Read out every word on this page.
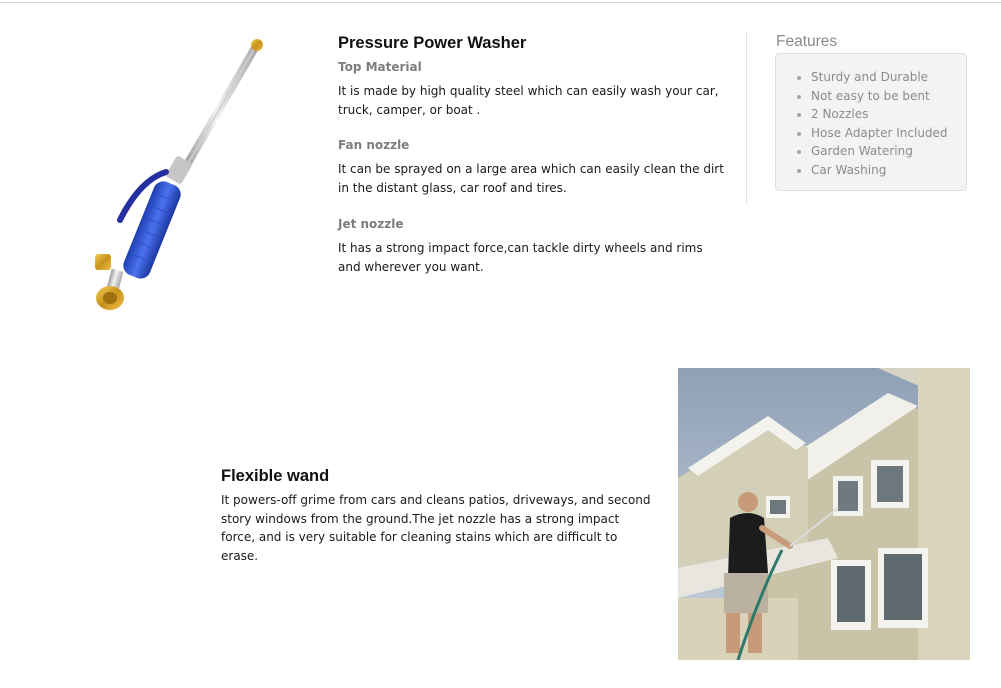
Pressure Power Washer
Top Material
It is made by high quality steel which can easily wash your car, truck, camper, or boat .
Fan nozzle
It can be sprayed on a large area which can easily clean the dirt in the distant glass, car roof and tires.
Jet nozzle
It has a strong impact force,can tackle dirty wheels and rims and wherever you want.
Features
Sturdy and Durable
Not easy to be bent
2 Nozzles
Hose Adapter Included
Garden Watering
Car Washing
Flexible wand
It powers-off grime from cars and cleans patios, driveways, and second story windows from the ground.The jet nozzle has a strong impact force, and is very suitable for cleaning stains which are difficult to erase.
